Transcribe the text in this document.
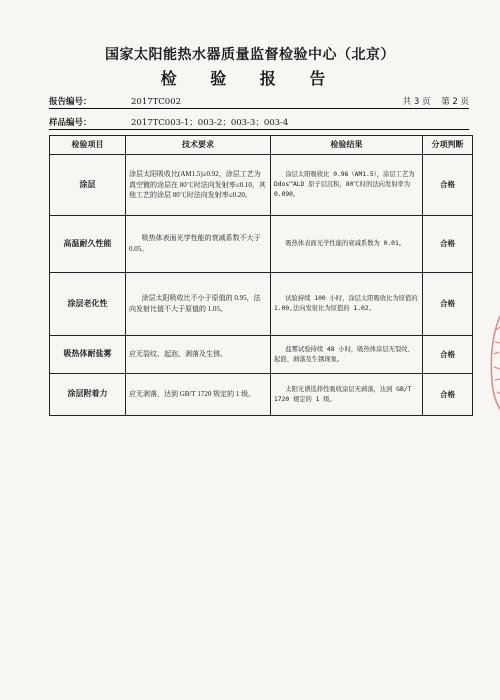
国家太阳能热水器质量监督检验中心（北京）
检 验 报 告
报告编号：	2017TC002	共 3 页 第 2 页
样品编号：	2017TC003-1；003-2；003-3；003-4
检验项目	技术要求	检验结果	分项判断
涂层	涂层太阳吸收比(AM1.5)≥0.92，涂层工艺为真空镀的涂层在 80℃时法向发射率≤0.10，其他工艺的涂层 80℃时法向发射率≤0.20。	涂层太阳吸收比 0.96（AM1.5），涂层工艺为 Ddos™ALD 原子层沉积，80℃时的法向发射率为 0.090。	合格
高温耐久性能	吸热体表面光学性能的衰减系数不大于 0.05。	吸热体表面光学性能的衰减系数为 0.01。	合格
涂层老化性	涂层太阳吸收比不小于原值的 0.95，法向发射比值不大于原值的 1.05。	试验持续 100 小时，涂层太阳吸收比为原值的 1.00,法向发射比为原值的 1.02。	合格
吸热体耐盐雾	应无裂纹、起泡、剥落及生锈。	盐雾试验持续 48 小时，吸热体涂层无裂纹、起泡、剥落及生锈现象。	合格
涂层附着力	应无剥落，达到 GB/T 1720 规定的 1 级。	太阳光谱选择性吸收涂层无剥落，达到 GB/T 1720 规定的 1 级。	合格
